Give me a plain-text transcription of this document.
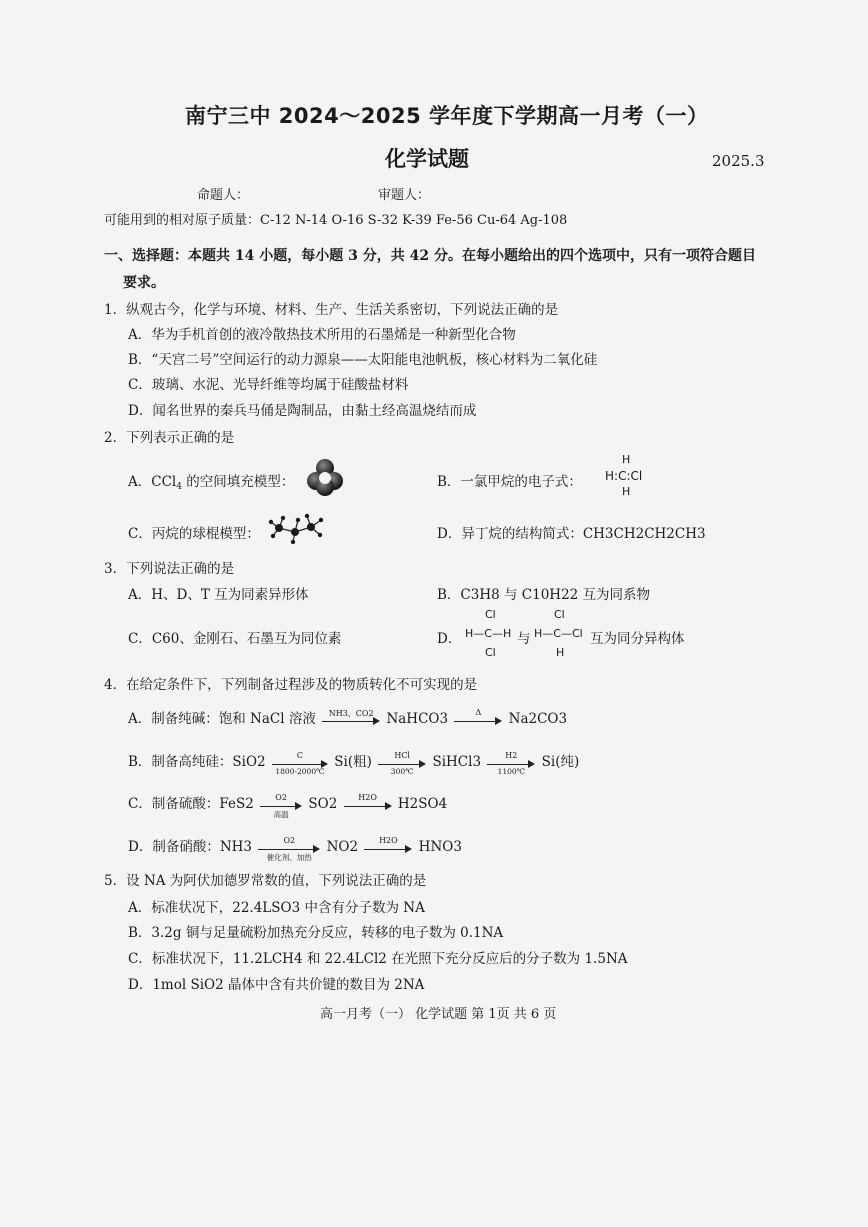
南宁三中 2024～2025 学年度下学期高一月考（一）
化学试题	2025.3
命题人：	审题人：
可能用到的相对原子质量：C-12 N-14 O-16 S-32 K-39 Fe-56 Cu-64 Ag-108
一、选择题：本题共 14 小题，每小题 3 分，共 42 分。在每小题给出的四个选项中，只有一项符合题目
要求。
1．纵观古今，化学与环境、材料、生产、生活关系密切，下列说法正确的是
A．华为手机首创的液冷散热技术所用的石墨烯是一种新型化合物
B．“天宫二号”空间运行的动力源泉——太阳能电池帆板，核心材料为二氧化硅
C．玻璃、水泥、光导纤维等均属于硅酸盐材料
D．闻名世界的秦兵马俑是陶制品，由黏土经高温烧结而成
2．下列表示正确的是
A．CCl$_4$ 的空间填充模型：	B．一氯甲烷的电子式：
H
H:C:Cl
H
C．丙烷的球棍模型：	D．异丁烷的结构简式：CH3CH2CH2CH3
3．下列说法正确的是
A．H、D、T 互为同素异形体	B．C3H8 与 C10H22 互为同系物
C．C60、金刚石、石墨互为同位素	D．
Cl
H—C—H
Cl
与
Cl
H—C—Cl
H
互为同分异构体
4．在给定条件下，下列制备过程涉及的物质转化不可实现的是
A．制备纯碱：饱和 NaCl 溶液	NH3、CO2 NaHCO3	Δ	Na2CO3
B．制备高纯硅：$SiO2 \frac{C}{1800-2000℃} Si$(粗)	HCl
300℃
SiHCl3 $\frac{H2}{1100℃} Si$(纯)
C．制备硫酸：FeS2	O2
高温
SO2	H2O	H2SO4
D．制备硝酸：NH3	O2
催化剂、加热
NO2	H2O	HNO3
5．设 NA 为阿伏加德罗常数的值，下列说法正确的是
A．标准状况下，22.4LSO3 中含有分子数为 NA
B．3.2g 铜与足量硫粉加热充分反应，转移的电子数为 0.1NA
C．标准状况下，11.2LCH4 和 22.4LCl2 在光照下充分反应后的分子数为 1.5NA
D．1mol SiO2 晶体中含有共价键的数目为 2NA
高一月考（一） 化学试题 第 1页 共 6 页
